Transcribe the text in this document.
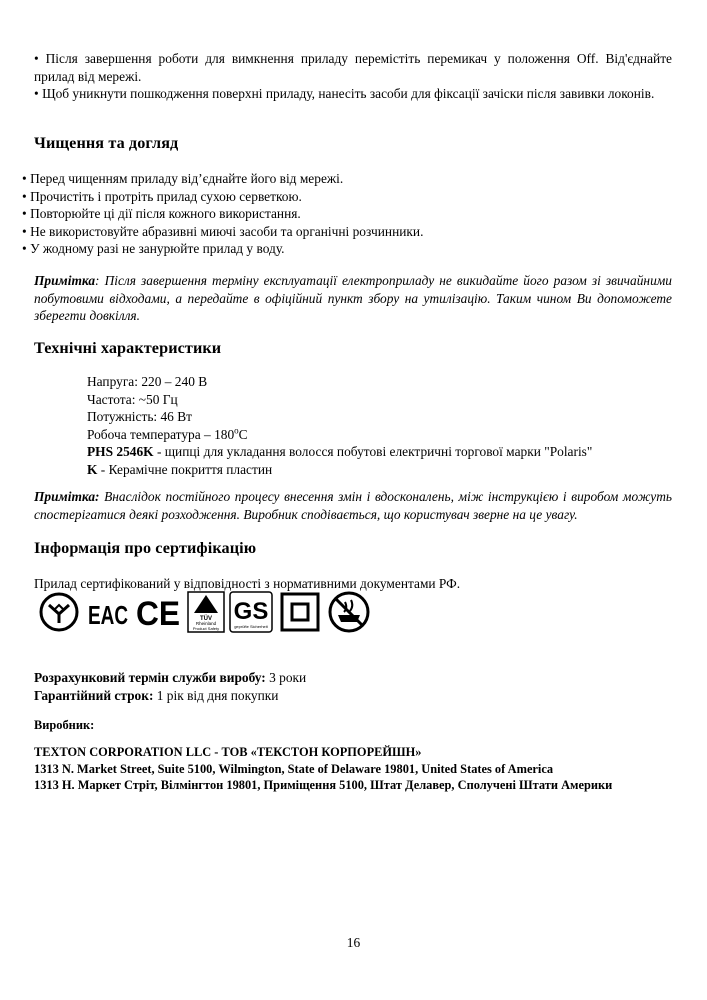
• Після завершення роботи для вимкнення приладу перемістіть перемикач у положення Off. Від'єднайте прилад від мережі.
• Щоб уникнути пошкодження поверхні приладу, нанесіть засоби для фіксації зачіски після завивки локонів.
Чищення та догляд
• Перед чищенням приладу від’єднайте його від мережі.
• Прочистіть і протріть прилад сухою серветкою.
• Повторюйте ці дії після кожного використання.
• Не використовуйте абразивні миючі засоби та органічні розчинники.
• У жодному разі не занурюйте прилад у воду.
Примітка: Після завершення терміну експлуатації електроприладу не викидайте його разом зі звичайними побутовими відходами, а передайте в офіційний пункт збору на утилізацію. Таким чином Ви допоможете зберегти довкілля.
Технічні характеристики
Напруга: 220 – 240 В
Частота: ~50 Гц
Потужність: 46 Вт
Робоча температура – $180^оС$
PHS 2546K - щипці для укладання волосся побутові електричні торгової марки "Polaris"
K - Керамічне покриття пластин
Примітка: Внаслідок постійного процесу внесення змін і вдосконалень, між інструкцією і виробом можуть спостерігатися деякі розходження. Виробник сподівається, що користувач зверне на це увагу.
Інформація про сертифікацію
Прилад сертифікований у відповідності з нормативними документами РФ.
EAC CE	TÜV
Rheinland
Product Safety
GS
geprüfte Sicherheit
Розрахунковий термін служби виробу: 3 роки
Гарантійний строк: 1 рік від дня покупки
Виробник:
TEXTON CORPORATION LLC - ТОВ «ТЕКСТОН КОРПОРЕЙШН»
1313 N. Market Street, Suite 5100, Wilmington, State of Delaware 19801, United States of America
1313 Н. Маркет Стріт, Вілмінгтон 19801, Приміщення 5100, Штат Делавер, Сполучені Штати Америки
16
